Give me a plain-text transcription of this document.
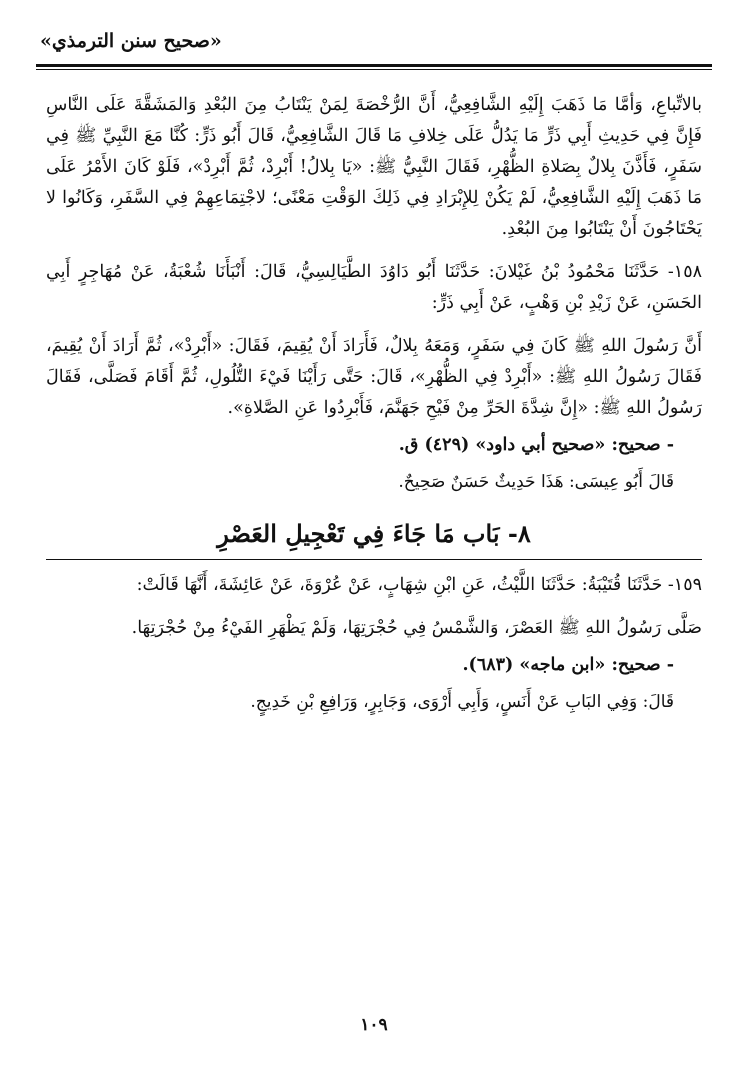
«صحيح سنن الترمذي»

بالاتِّباعِ، وَأمَّا مَا ذَهَبَ إِلَيْهِ الشَّافِعِيُّ، أَنَّ الرُّخْصَةَ لِمَنْ يَنْتَابُ مِنَ البُعْدِ وَالمَشَقَّةَ عَلَى النَّاسِ فَإِنَّ فِي حَدِيثِ أَبِي ذَرٍّ مَا يَدُلُّ عَلَى خِلافِ مَا قَالَ الشَّافِعِيُّ، قَالَ أَبُو ذَرٍّ: كُنَّا مَعَ النَّبِيِّ ﷺ فِي سَفَرٍ، فَأَذَّنَ بِلالٌ بِصَلاةِ الظُّهْرِ، فَقَالَ النَّبِيُّ ﷺ: «يَا بِلالُ! أَبْرِدْ، ثُمَّ أَبْرِدْ»، فَلَوْ كَانَ الأَمْرُ عَلَى مَا ذَهَبَ إِلَيْهِ الشَّافِعِيُّ، لَمْ يَكُنْ لِلإِبْرَادِ فِي ذَلِكَ الوَقْتِ مَعْنًى؛ لاجْتِمَاعِهِمْ فِي السَّفَرِ، وَكَانُوا لا يَحْتَاجُونَ أَنْ يَنْتَابُوا مِنَ البُعْدِ.

١٥٨- حَدَّثَنَا مَحْمُودُ بْنُ غَيْلانَ: حَدَّثَنَا أَبُو دَاوُدَ الطَّيَالِسِيُّ، قَالَ: أَنْبَأَنَا شُعْبَةُ، عَنْ مُهَاجِرٍ أَبِي الحَسَنِ، عَنْ زَيْدِ بْنِ وَهْبٍ، عَنْ أَبِي ذَرٍّ:

أَنَّ رَسُولَ اللهِ ﷺ كَانَ فِي سَفَرٍ، وَمَعَهُ بِلالٌ، فَأَرَادَ أَنْ يُقِيمَ، فَقَالَ: «أَبْرِدْ»، ثُمَّ أَرَادَ أَنْ يُقِيمَ، فَقَالَ رَسُولُ اللهِ ﷺ: «أَبْرِدْ فِي الظُّهْرِ»، قَالَ: حَتَّى رَأَيْنَا فَيْءَ التُّلُولِ، ثُمَّ أَقَامَ فَصَلَّى، فَقَالَ رَسُولُ اللهِ ﷺ: «إِنَّ شِدَّةَ الحَرِّ مِنْ فَيْحِ جَهَنَّمَ، فَأَبْرِدُوا عَنِ الصَّلاةِ».

- صحيح: «صحيح أبي داود» (٤٢٩) ق.

قَالَ أَبُو عِيسَى: هَذَا حَدِيثٌ حَسَنٌ صَحِيحٌ.

٨- بَاب مَا جَاءَ فِي تَعْجِيلِ العَصْرِ

١٥٩- حَدَّثَنَا قُتَيْبَةُ: حَدَّثَنَا اللَّيْثُ، عَنِ ابْنِ شِهَابٍ، عَنْ عُرْوَةَ، عَنْ عَائِشَةَ، أَنَّهَا قَالَتْ:

صَلَّى رَسُولُ اللهِ ﷺ العَصْرَ، وَالشَّمْسُ فِي حُجْرَتِهَا، وَلَمْ يَظْهَرِ الفَيْءُ مِنْ حُجْرَتِهَا.

- صحيح: «ابن ماجه» (٦٨٣).

قَالَ: وَفِي البَابِ عَنْ أَنَسٍ، وَأَبِي أَرْوَى، وَجَابِرٍ، وَرَافِعِ بْنِ خَدِيجٍ.

١٠٩
